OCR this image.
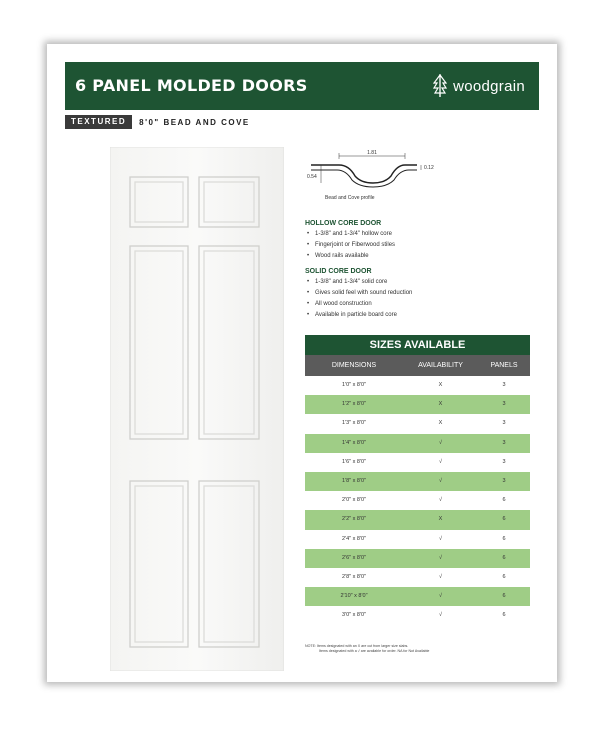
6 PANEL MOLDED DOORS	woodgrain
TEXTURED	8'0" BEAD AND COVE
1.81
0.12
0.54
Bead and Cove profile
HOLLOW CORE DOOR
• 1-3/8" and 1-3/4" hollow core
• Fingerjoint or Fiberwood stiles
• Wood rails available
SOLID CORE DOOR
• 1-3/8" and 1-3/4" solid core
• Gives solid feel with sound reduction
• All wood construction
• Available in particle board core
SIZES AVAILABLE
DIMENSIONS	AVAILABILITY	PANELS
1'0" x 8'0"	X	3
1'2" x 8'0"	X	3
1'3" x 8'0"	X	3
1'4" x 8'0"	√	3
1'6" x 8'0"	√	3
1'8" x 8'0"	√	3
2'0" x 8'0"	√	6
2'2" x 8'0"	X	6
2'4" x 8'0"	√	6
2'6" x 8'0"	√	6
2'8" x 8'0"	√	6
2'10" x 8'0"	√	6
3'0" x 8'0"	√	6
NOTE: Items designated with an X are cut from larger size slabs.
Items designated with a √ are available for order. NA for Not Available
